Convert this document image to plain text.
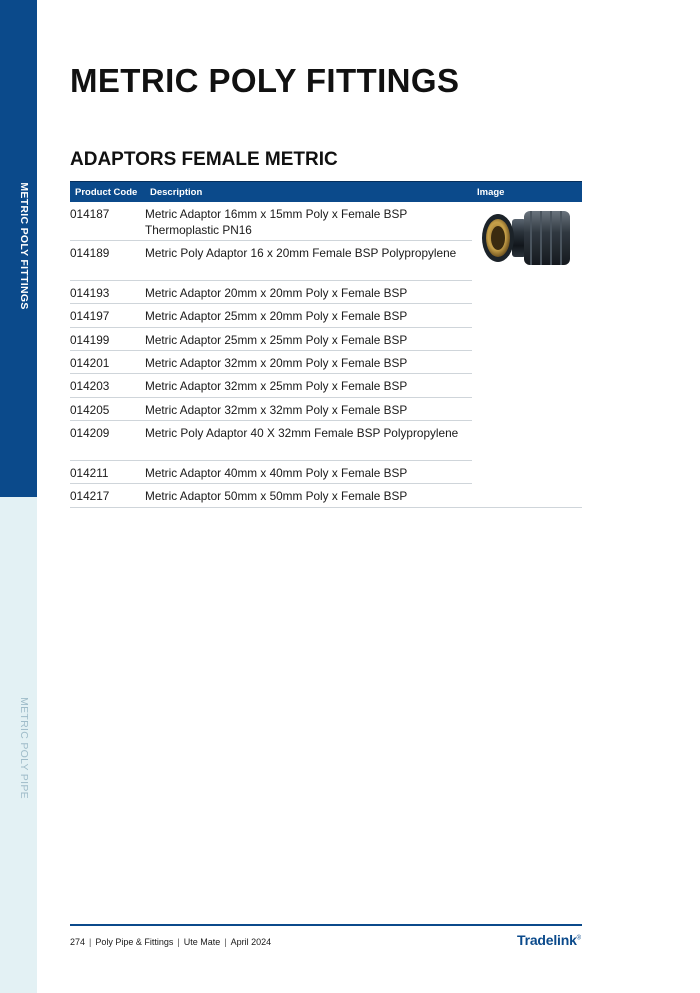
METRIC POLY FITTINGS
METRIC POLY PIPE
METRIC POLY FITTINGS
ADAPTORS FEMALE METRIC
Product Code Description	Image
014187	Metric Adaptor 16mm x 15mm Poly x Female BSP Thermoplastic PN16
014189	Metric Poly Adaptor 16 x 20mm Female BSP Polypropylene
014193	Metric Adaptor 20mm x 20mm Poly x Female BSP
014197	Metric Adaptor 25mm x 20mm Poly x Female BSP
014199	Metric Adaptor 25mm x 25mm Poly x Female BSP
014201	Metric Adaptor 32mm x 20mm Poly x Female BSP
014203	Metric Adaptor 32mm x 25mm Poly x Female BSP
014205	Metric Adaptor 32mm x 32mm Poly x Female BSP
014209	Metric Poly Adaptor 40 X 32mm Female BSP Polypropylene
014211	Metric Adaptor 40mm x 40mm Poly x Female BSP
014217	Metric Adaptor 50mm x 50mm Poly x Female BSP
274 | Poly Pipe & Fittings | Ute Mate | April 2024	Tradelink®
